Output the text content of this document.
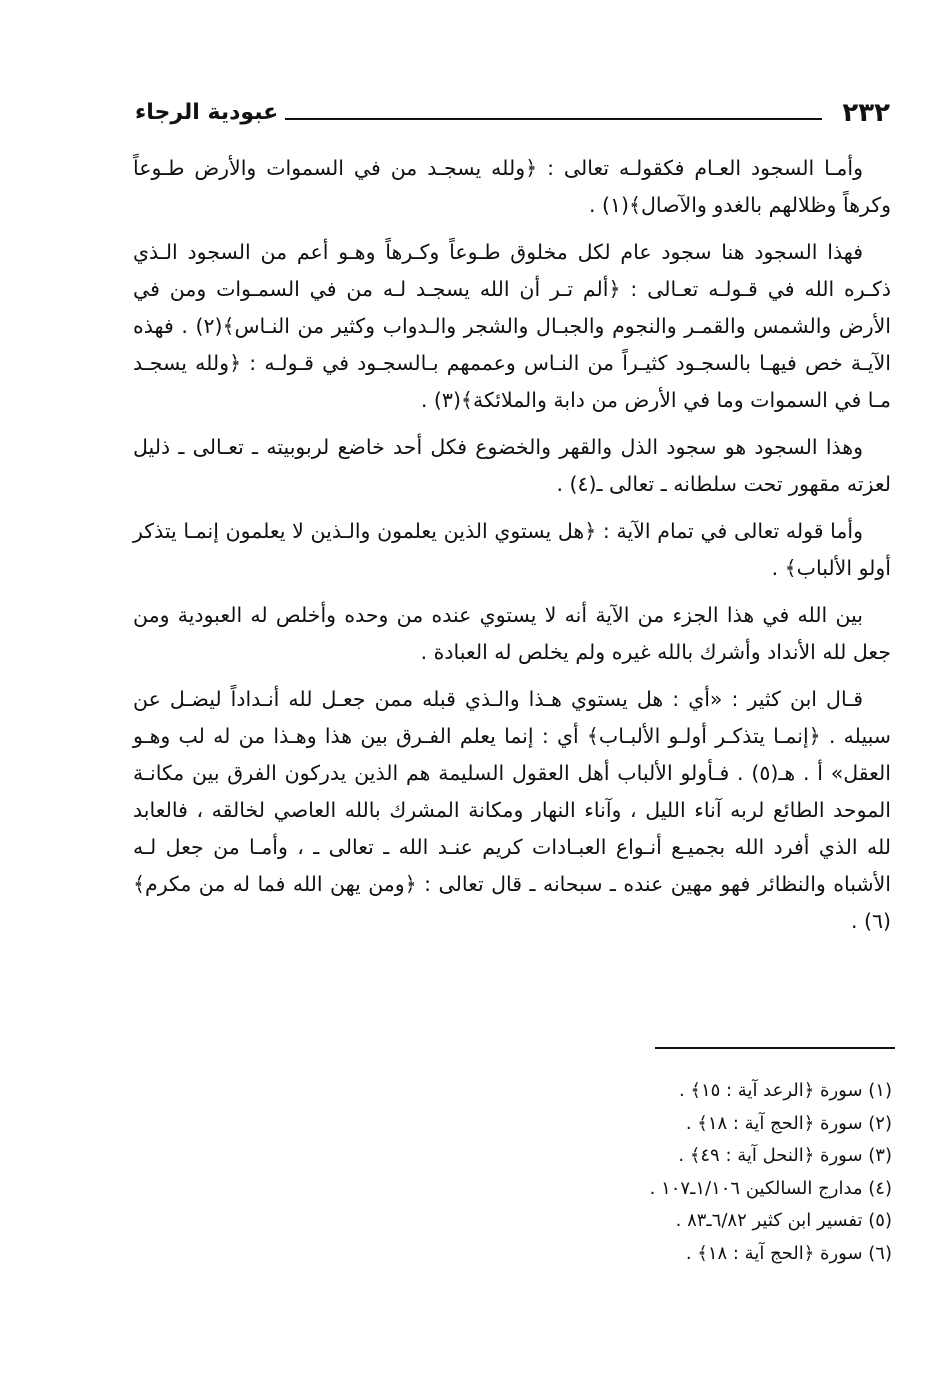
٢٣٢
عبودية الرجاء

وأمـا السجود العـام فكقولـه تعالى : ﴿ولله يسجـد من في السموات والأرض طـوعاً وكرهاً وظلالهم بالغدو والآصال﴾(١) .

فهذا السجود هنا سجود عام لكل مخلوق طـوعاً وكـرهاً وهـو أعم من السجود الـذي ذكـره الله في قـولـه تعـالى : ﴿ألم تـر أن الله يسجـد لـه من في السمـوات ومن في الأرض والشمس والقمـر والنجوم والجبـال والشجر والـدواب وكثير من النـاس﴾(٢) . فهذه الآيـة خص فيهـا بالسجـود كثيـراً من النـاس وعممهم بـالسجـود في قـولـه : ﴿ولله يسجـد مـا في السموات وما في الأرض من دابة والملائكة﴾(٣) .

وهذا السجود هو سجود الذل والقهر والخضوع فكل أحد خاضع لربوبيته ـ تعـالى ـ ذليل لعزته مقهور تحت سلطانه ـ تعالى ـ(٤) .

وأما قوله تعالى في تمام الآية : ﴿هل يستوي الذين يعلمون والـذين لا يعلمون إنمـا يتذكر أولو الألباب﴾ .

بين الله في هذا الجزء من الآية أنه لا يستوي عنده من وحده وأخلص له العبودية ومن جعل لله الأنداد وأشرك بالله غيره ولم يخلص له العبادة .

قـال ابن كثير : «أي : هل يستوي هـذا والـذي قبله ممن جعـل لله أنـداداً ليضـل عن سبيله . ﴿إنمـا يتذكـر أولـو الألبـاب﴾ أي : إنما يعلم الفـرق بين هذا وهـذا من له لب وهـو العقل» أ . هـ(٥) . فـأولو الألباب أهل العقول السليمة هم الذين يدركون الفرق بين مكانـة الموحد الطائع لربه آناء الليل ، وآناء النهار ومكانة المشرك بالله العاصي لخالقه ، فالعابد لله الذي أفرد الله بجميـع أنـواع العبـادات كريم عنـد الله ـ تعالى ـ ، وأمـا من جعل لـه الأشباه والنظائر فهو مهين عنده ـ سبحانه ـ قال تعالى : ﴿ومن يهن الله فما له من مكرم﴾(٦) .

(١) سورة ﴿الرعد آية : ١٥﴾ .

(٢) سورة ﴿الحج آية : ١٨﴾ .

(٣) سورة ﴿النحل آية : ٤٩﴾ .

(٤) مدارج السالكين ١/١٠٦ـ١٠٧ .

(٥) تفسير ابن كثير ٦/٨٢ـ٨٣ .

(٦) سورة ﴿الحج آية : ١٨﴾ .
